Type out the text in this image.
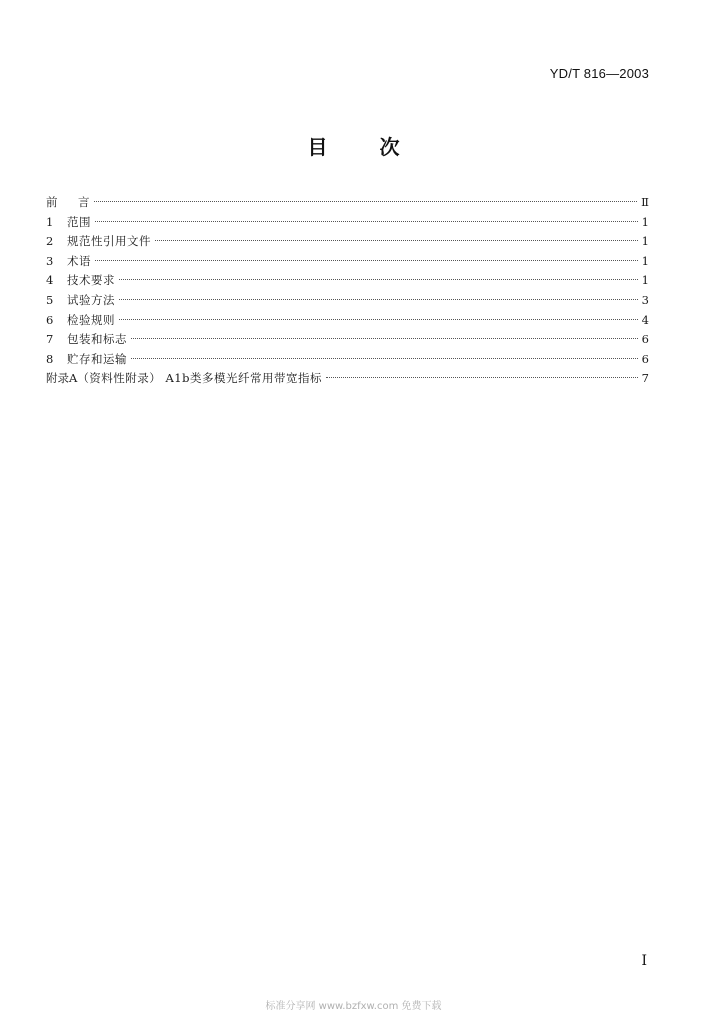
YD/T 816—2003
目	次
前	言	Ⅱ
1	范围	1
2	规范性引用文件	1
3	术语	1
4	技术要求	1
5	试验方法	3
6	检验规则	4
7	包装和标志	6
8	贮存和运输	6
附录A （资料性附录） A1b类多模光纤常用带宽指标	7
I
标准分享网 www.bzfxw.com 免费下载
